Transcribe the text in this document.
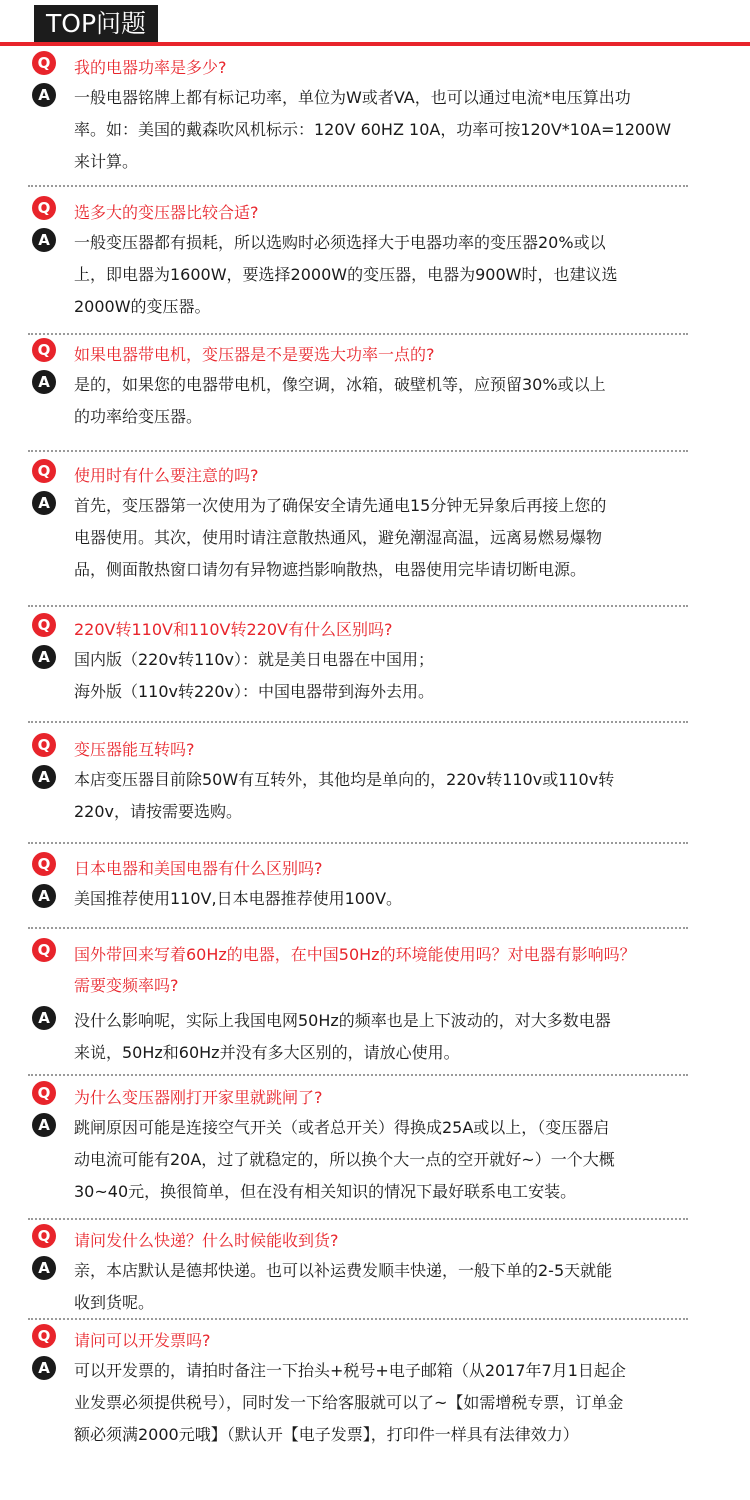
TOP问题
Q	我的电器功率是多少?
A	一般电器铭牌上都有标记功率，单位为W或者VA，也可以通过电流*电压算出功
率。如：美国的戴森吹风机标示：120V 60HZ 10A，功率可按120V*10A=1200W
来计算。
Q	选多大的变压器比较合适?
A	一般变压器都有损耗，所以选购时必须选择大于电器功率的变压器20%或以
上，即电器为1600W，要选择2000W的变压器，电器为900W时，也建议选
2000W的变压器。
Q	如果电器带电机，变压器是不是要选大功率一点的?
A	是的，如果您的电器带电机，像空调，冰箱，破壁机等，应预留30%或以上
的功率给变压器。
Q	使用时有什么要注意的吗?
A	首先，变压器第一次使用为了确保安全请先通电15分钟无异象后再接上您的
电器使用。其次，使用时请注意散热通风，避免潮湿高温，远离易燃易爆物
品，侧面散热窗口请勿有异物遮挡影响散热，电器使用完毕请切断电源。
Q	220V转110V和110V转220V有什么区别吗?
A	国内版（220v转110v）：就是美日电器在中国用；
海外版（110v转220v）：中国电器带到海外去用。
Q	变压器能互转吗?
A	本店变压器目前除50W有互转外，其他均是单向的，220v转110v或110v转
220v，请按需要选购。
Q	日本电器和美国电器有什么区别吗?
A	美国推荐使用110V,日本电器推荐使用100V。
Q	国外带回来写着60Hz的电器，在中国50Hz的环境能使用吗？对电器有影响吗？
需要变频率吗?
A	没什么影响呢，实际上我国电网50Hz的频率也是上下波动的，对大多数电器
来说，50Hz和60Hz并没有多大区别的，请放心使用。
Q	为什么变压器刚打开家里就跳闸了?
A	跳闸原因可能是连接空气开关（或者总开关）得换成25A或以上，（变压器启
动电流可能有20A，过了就稳定的，所以换个大一点的空开就好~）一个大概
30~40元，换很简单，但在没有相关知识的情况下最好联系电工安装。
Q	请问发什么快递？什么时候能收到货?
A	亲，本店默认是德邦快递。也可以补运费发顺丰快递，一般下单的2-5天就能
收到货呢。
Q	请问可以开发票吗?
A	可以开发票的，请拍时备注一下抬头+税号+电子邮箱（从2017年7月1日起企
业发票必须提供税号），同时发一下给客服就可以了~【如需增税专票，订单金
额必须满2000元哦】（默认开【电子发票】，打印件一样具有法律效力）
